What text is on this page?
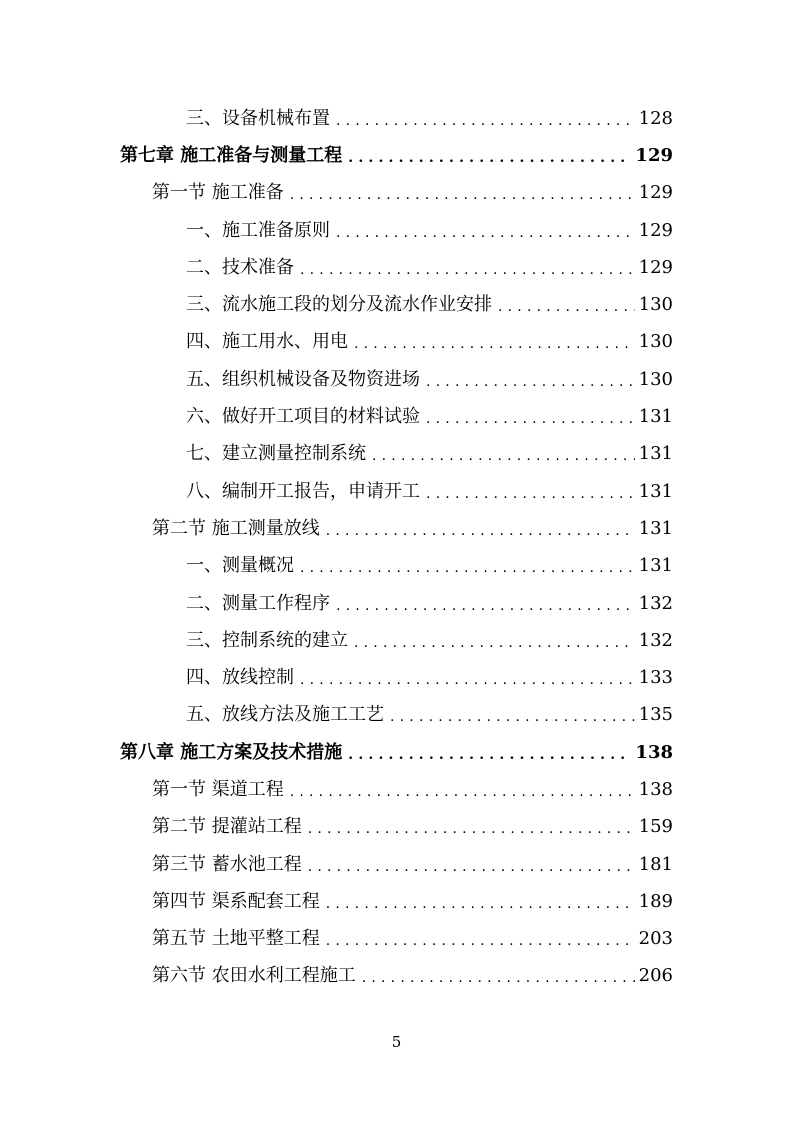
三、设备机械布置 .....	128
第七章 施工准备与测量工程 .....	129
第一节 施工准备 .....	129
一、施工准备原则 .....	129
二、技术准备 .....	129
三、流水施工段的划分及流水作业安排 .....	130
四、施工用水、用电 .....	130
五、组织机械设备及物资进场 .....	130
六、做好开工项目的材料试验 .....	131
七、建立测量控制系统 .....	131
八、编制开工报告，申请开工 .....	131
第二节 施工测量放线 .....	131
一、测量概况 .....	131
二、测量工作程序 .....	132
三、控制系统的建立 .....	132
四、放线控制 .....	133
五、放线方法及施工工艺 .....	135
第八章 施工方案及技术措施 .....	138
第一节 渠道工程 .....	138
第二节 提灌站工程 .....	159
第三节 蓄水池工程 .....	181
第四节 渠系配套工程 .....	189
第五节 土地平整工程 .....	203
第六节 农田水利工程施工 .....	206
5
